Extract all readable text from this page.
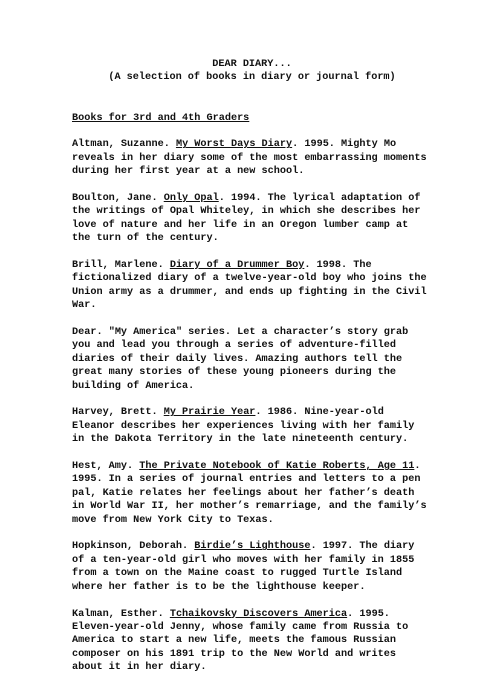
DEAR DIARY...

(A selection of books in diary or journal form)

Books for 3rd and 4th Graders

Altman, Suzanne. My Worst Days Diary. 1995. Mighty Mo reveals in her diary some of the most embarrassing moments during her first year at a new school.

Boulton, Jane. Only Opal. 1994. The lyrical adaptation of the writings of Opal Whiteley, in which she describes her love of nature and her life in an Oregon lumber camp at the turn of the century.

Brill, Marlene. Diary of a Drummer Boy. 1998. The fictionalized diary of a twelve-year-old boy who joins the Union army as a drummer, and ends up fighting in the Civil War.

Dear. "My America" series. Let a character’s story grab you and lead you through a series of adventure-filled diaries of their daily lives. Amazing authors tell the great many stories of these young pioneers during the building of America.

Harvey, Brett. My Prairie Year. 1986. Nine-year-old Eleanor describes her experiences living with her family in the Dakota Territory in the late nineteenth century.

Hest, Amy. The Private Notebook of Katie Roberts, Age 11. 1995. In a series of journal entries and letters to a pen pal, Katie relates her feelings about her father’s death in World War II, her mother’s remarriage, and the family’s move from New York City to Texas.

Hopkinson, Deborah. Birdie’s Lighthouse. 1997. The diary of a ten-year-old girl who moves with her family in 1855 from a town on the Maine coast to rugged Turtle Island where her father is to be the lighthouse keeper.

Kalman, Esther. Tchaikovsky Discovers America. 1995. Eleven-year-old Jenny, whose family came from Russia to America to start a new life, meets the famous Russian composer on his 1891 trip to the New World and writes about it in her diary.
